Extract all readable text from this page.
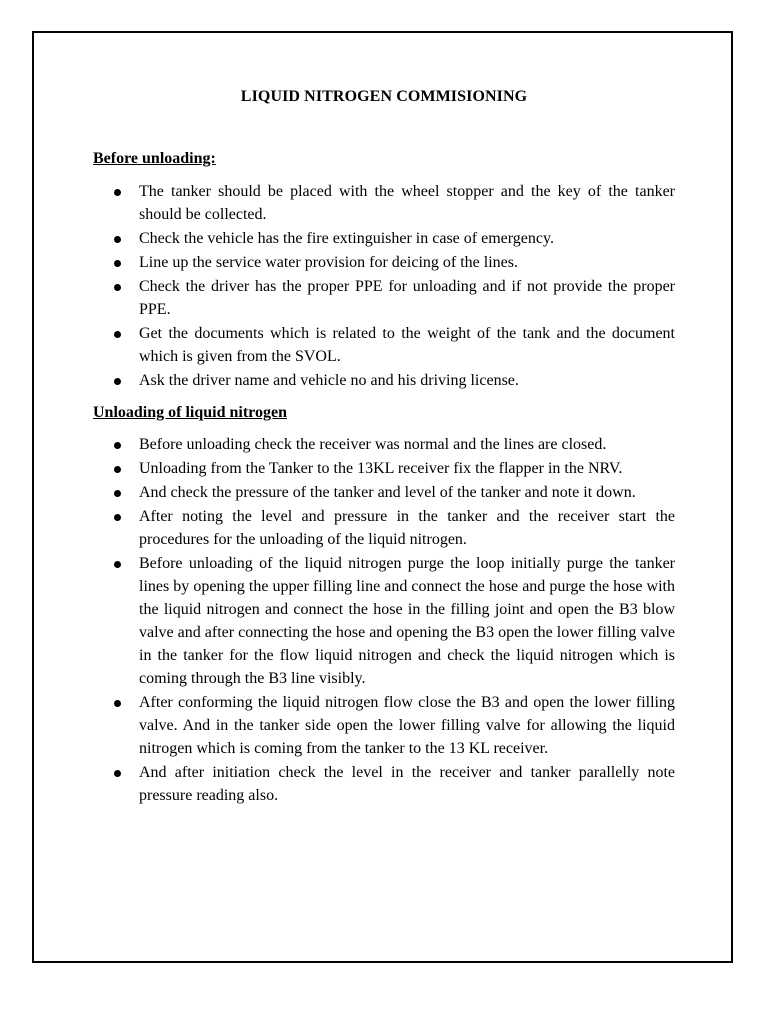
LIQUID NITROGEN COMMISIONING
Before unloading:
The tanker should be placed with the wheel stopper and the key of the tanker should be collected.
Check the vehicle has the fire extinguisher in case of emergency.
Line up the service water provision for deicing of the lines.
Check the driver has the proper PPE for unloading and if not provide the proper PPE.
Get the documents which is related to the weight of the tank and the document which is given from the SVOL.
Ask the driver name and vehicle no and his driving license.
Unloading of liquid nitrogen
Before unloading check the receiver was normal and the lines are closed.
Unloading from the Tanker to the 13KL receiver fix the flapper in the NRV.
And check the pressure of the tanker and level of the tanker and note it down.
After noting the level and pressure in the tanker and the receiver start the procedures for the unloading of the liquid nitrogen.
Before unloading of the liquid nitrogen purge the loop initially purge the tanker lines by opening the upper filling line and connect the hose and purge the hose with the liquid nitrogen and connect the hose in the filling joint and open the B3 blow valve and after connecting the hose and opening the B3 open the lower filling valve in the tanker for the flow liquid nitrogen and check the liquid nitrogen which is coming through the B3 line visibly.
After conforming the liquid nitrogen flow close the B3 and open the lower filling valve. And in the tanker side open the lower filling valve for allowing the liquid nitrogen which is coming from the tanker to the 13 KL receiver.
And after initiation check the level in the receiver and tanker parallelly note pressure reading also.
